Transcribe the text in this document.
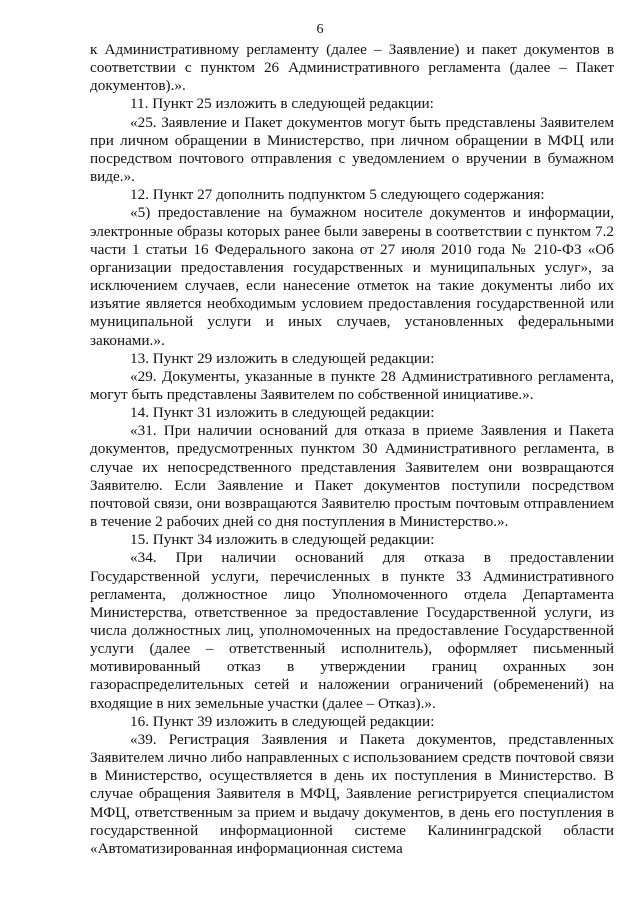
6

к Административному регламенту (далее – Заявление) и пакет документов в соответствии с пунктом 26 Административного регламента (далее – Пакет документов).».

11. Пункт 25 изложить в следующей редакции:

«25. Заявление и Пакет документов могут быть представлены Заявителем при личном обращении в Министерство, при личном обращении в МФЦ или посредством почтового отправления с уведомлением о вручении в бумажном виде.».

12. Пункт 27 дополнить подпунктом 5 следующего содержания:

«5) предоставление на бумажном носителе документов и информации, электронные образы которых ранее были заверены в соответствии с пунктом 7.2 части 1 статьи 16 Федерального закона от 27 июля 2010 года № 210-ФЗ «Об организации предоставления государственных и муниципальных услуг», за исключением случаев, если нанесение отметок на такие документы либо их изъятие является необходимым условием предоставления государственной или муниципальной услуги и иных случаев, установленных федеральными законами.».

13. Пункт 29 изложить в следующей редакции:

«29. Документы, указанные в пункте 28 Административного регламента, могут быть представлены Заявителем по собственной инициативе.».

14. Пункт 31 изложить в следующей редакции:

«31. При наличии оснований для отказа в приеме Заявления и Пакета документов, предусмотренных пунктом 30 Административного регламента, в случае их непосредственного представления Заявителем они возвращаются Заявителю. Если Заявление и Пакет документов поступили посредством почтовой связи, они возвращаются Заявителю простым почтовым отправлением в течение 2 рабочих дней со дня поступления в Министерство.».

15. Пункт 34 изложить в следующей редакции:

«34. При наличии оснований для отказа в предоставлении Государственной услуги, перечисленных в пункте 33 Административного регламента, должностное лицо Уполномоченного отдела Департамента Министерства, ответственное за предоставление Государственной услуги, из числа должностных лиц, уполномоченных на предоставление Государственной услуги (далее – ответственный исполнитель), оформляет письменный мотивированный отказ в утверждении границ охранных зон газораспределительных сетей и наложении ограничений (обременений) на входящие в них земельные участки (далее – Отказ).».

16. Пункт 39 изложить в следующей редакции:

«39. Регистрация Заявления и Пакета документов, представленных Заявителем лично либо направленных с использованием средств почтовой связи в Министерство, осуществляется в день их поступления в Министерство. В случае обращения Заявителя в МФЦ, Заявление регистрируется специалистом МФЦ, ответственным за прием и выдачу документов, в день его поступления в государственной информационной системе Калининградской области «Автоматизированная информационная система
